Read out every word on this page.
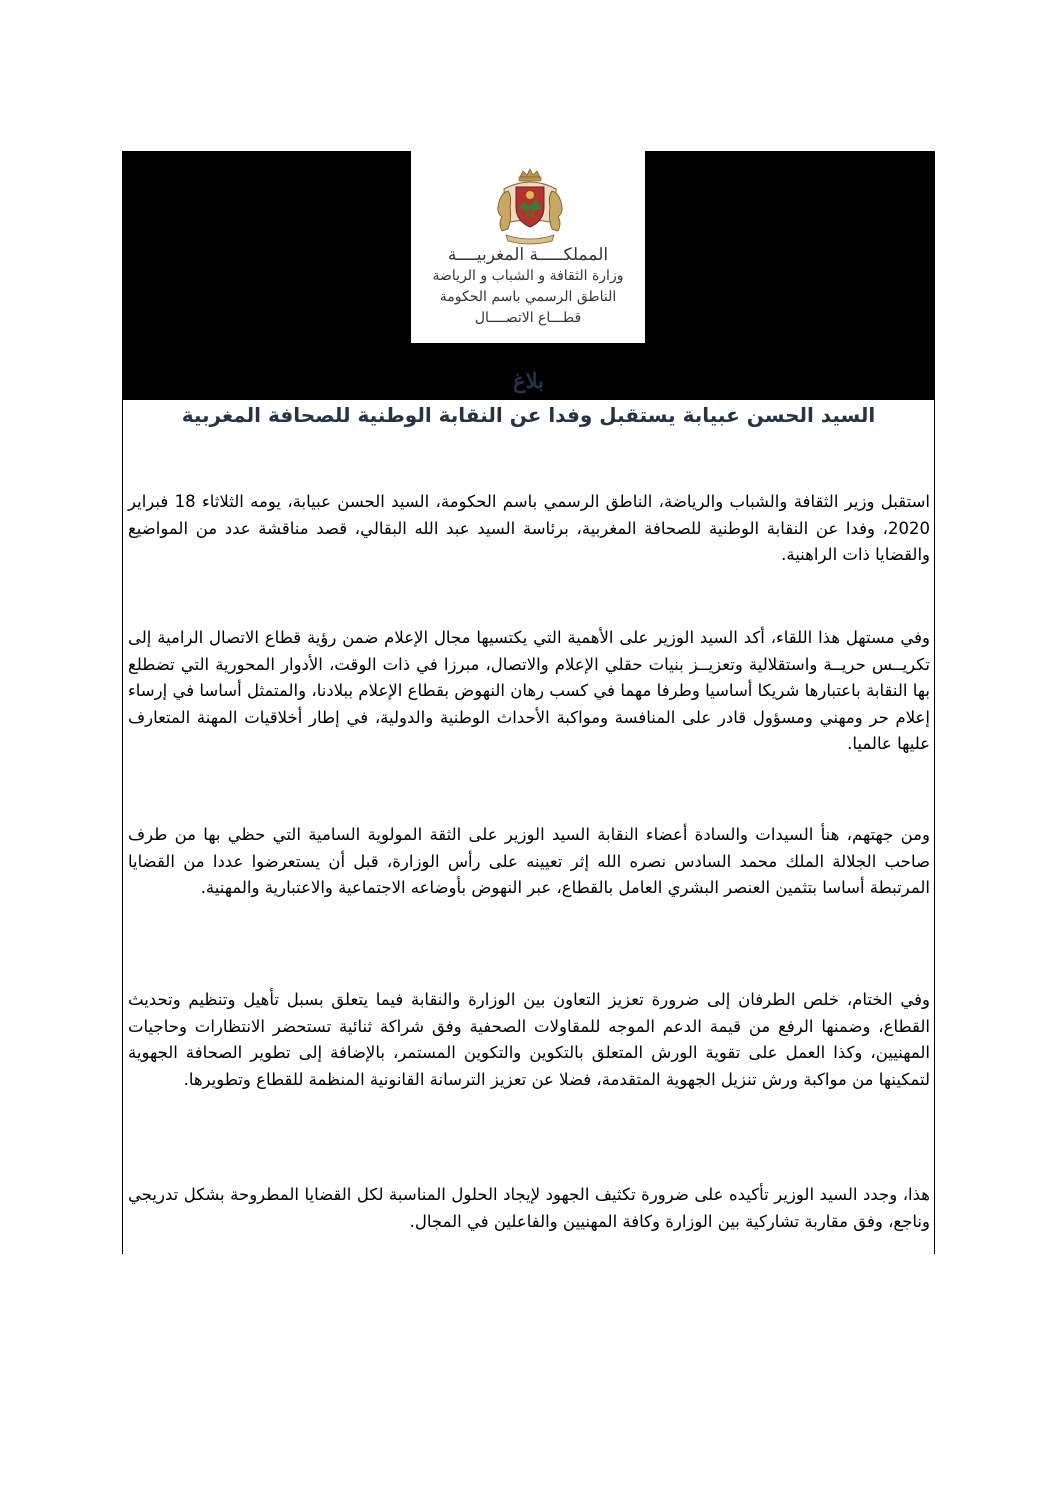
المملكـــــة المغربيــــة
وزارة الثقافة و الشباب و الرياضة
الناطق الرسمي باسم الحكومة
قطـــاع الاتصــــال
بلاغ
السيد الحسن عبيابة يستقبل وفدا عن النقابة الوطنية للصحافة المغربية
استقبل وزير الثقافة والشباب والرياضة، الناطق الرسمي باسم الحكومة، السيد الحسن عبيابة، يومه الثلاثاء 18 فبراير 2020، وفدا عن النقابة الوطنية للصحافة المغربية، برئاسة السيد عبد الله البقالي، قصد مناقشة عدد من المواضيع والقضايا ذات الراهنية.
وفي مستهل هذا اللقاء، أكد السيد الوزير على الأهمية التي يكتسيها مجال الإعلام ضمن رؤية قطاع الاتصال الرامية إلى تكريــس حريــة واستقلالية وتعزيــز بنيات حقلي الإعلام والاتصال، مبرزا في ذات الوقت، الأدوار المحورية التي تضطلع بها النقابة باعتبارها شريكا أساسيا وطرفا مهما في كسب رهان النهوض بقطاع الإعلام ببلادنا، والمتمثل أساسا في إرساء إعلام حر ومهني ومسؤول قادر على المنافسة ومواكبة الأحداث الوطنية والدولية، في إطار أخلاقيات المهنة المتعارف عليها عالميا.
ومن جهتهم، هنأ السيدات والسادة أعضاء النقابة السيد الوزير على الثقة المولوية السامية التي حظي بها من طرف صاحب الجلالة الملك محمد السادس نصره الله إثر تعيينه على رأس الوزارة، قبل أن يستعرضوا عددا من القضايا المرتبطة أساسا بتثمين العنصر البشري العامل بالقطاع، عبر النهوض بأوضاعه الاجتماعية والاعتبارية والمهنية.
وفي الختام، خلص الطرفان إلى ضرورة تعزيز التعاون بين الوزارة والنقابة فيما يتعلق بسبل تأهيل وتنظيم وتحديث القطاع، وضمنها الرفع من قيمة الدعم الموجه للمقاولات الصحفية وفق شراكة ثنائية تستحضر الانتظارات وحاجيات المهنيين، وكذا العمل على تقوية الورش المتعلق بالتكوين والتكوين المستمر، بالإضافة إلى تطوير الصحافة الجهوية لتمكينها من مواكبة ورش تنزيل الجهوية المتقدمة، فضلا عن تعزيز الترسانة القانونية المنظمة للقطاع وتطويرها.
هذا، وجدد السيد الوزير تأكيده على ضرورة تكثيف الجهود لإيجاد الحلول المناسبة لكل القضايا المطروحة بشكل تدريجي وناجع، وفق مقاربة تشاركية بين الوزارة وكافة المهنيين والفاعلين في المجال.
